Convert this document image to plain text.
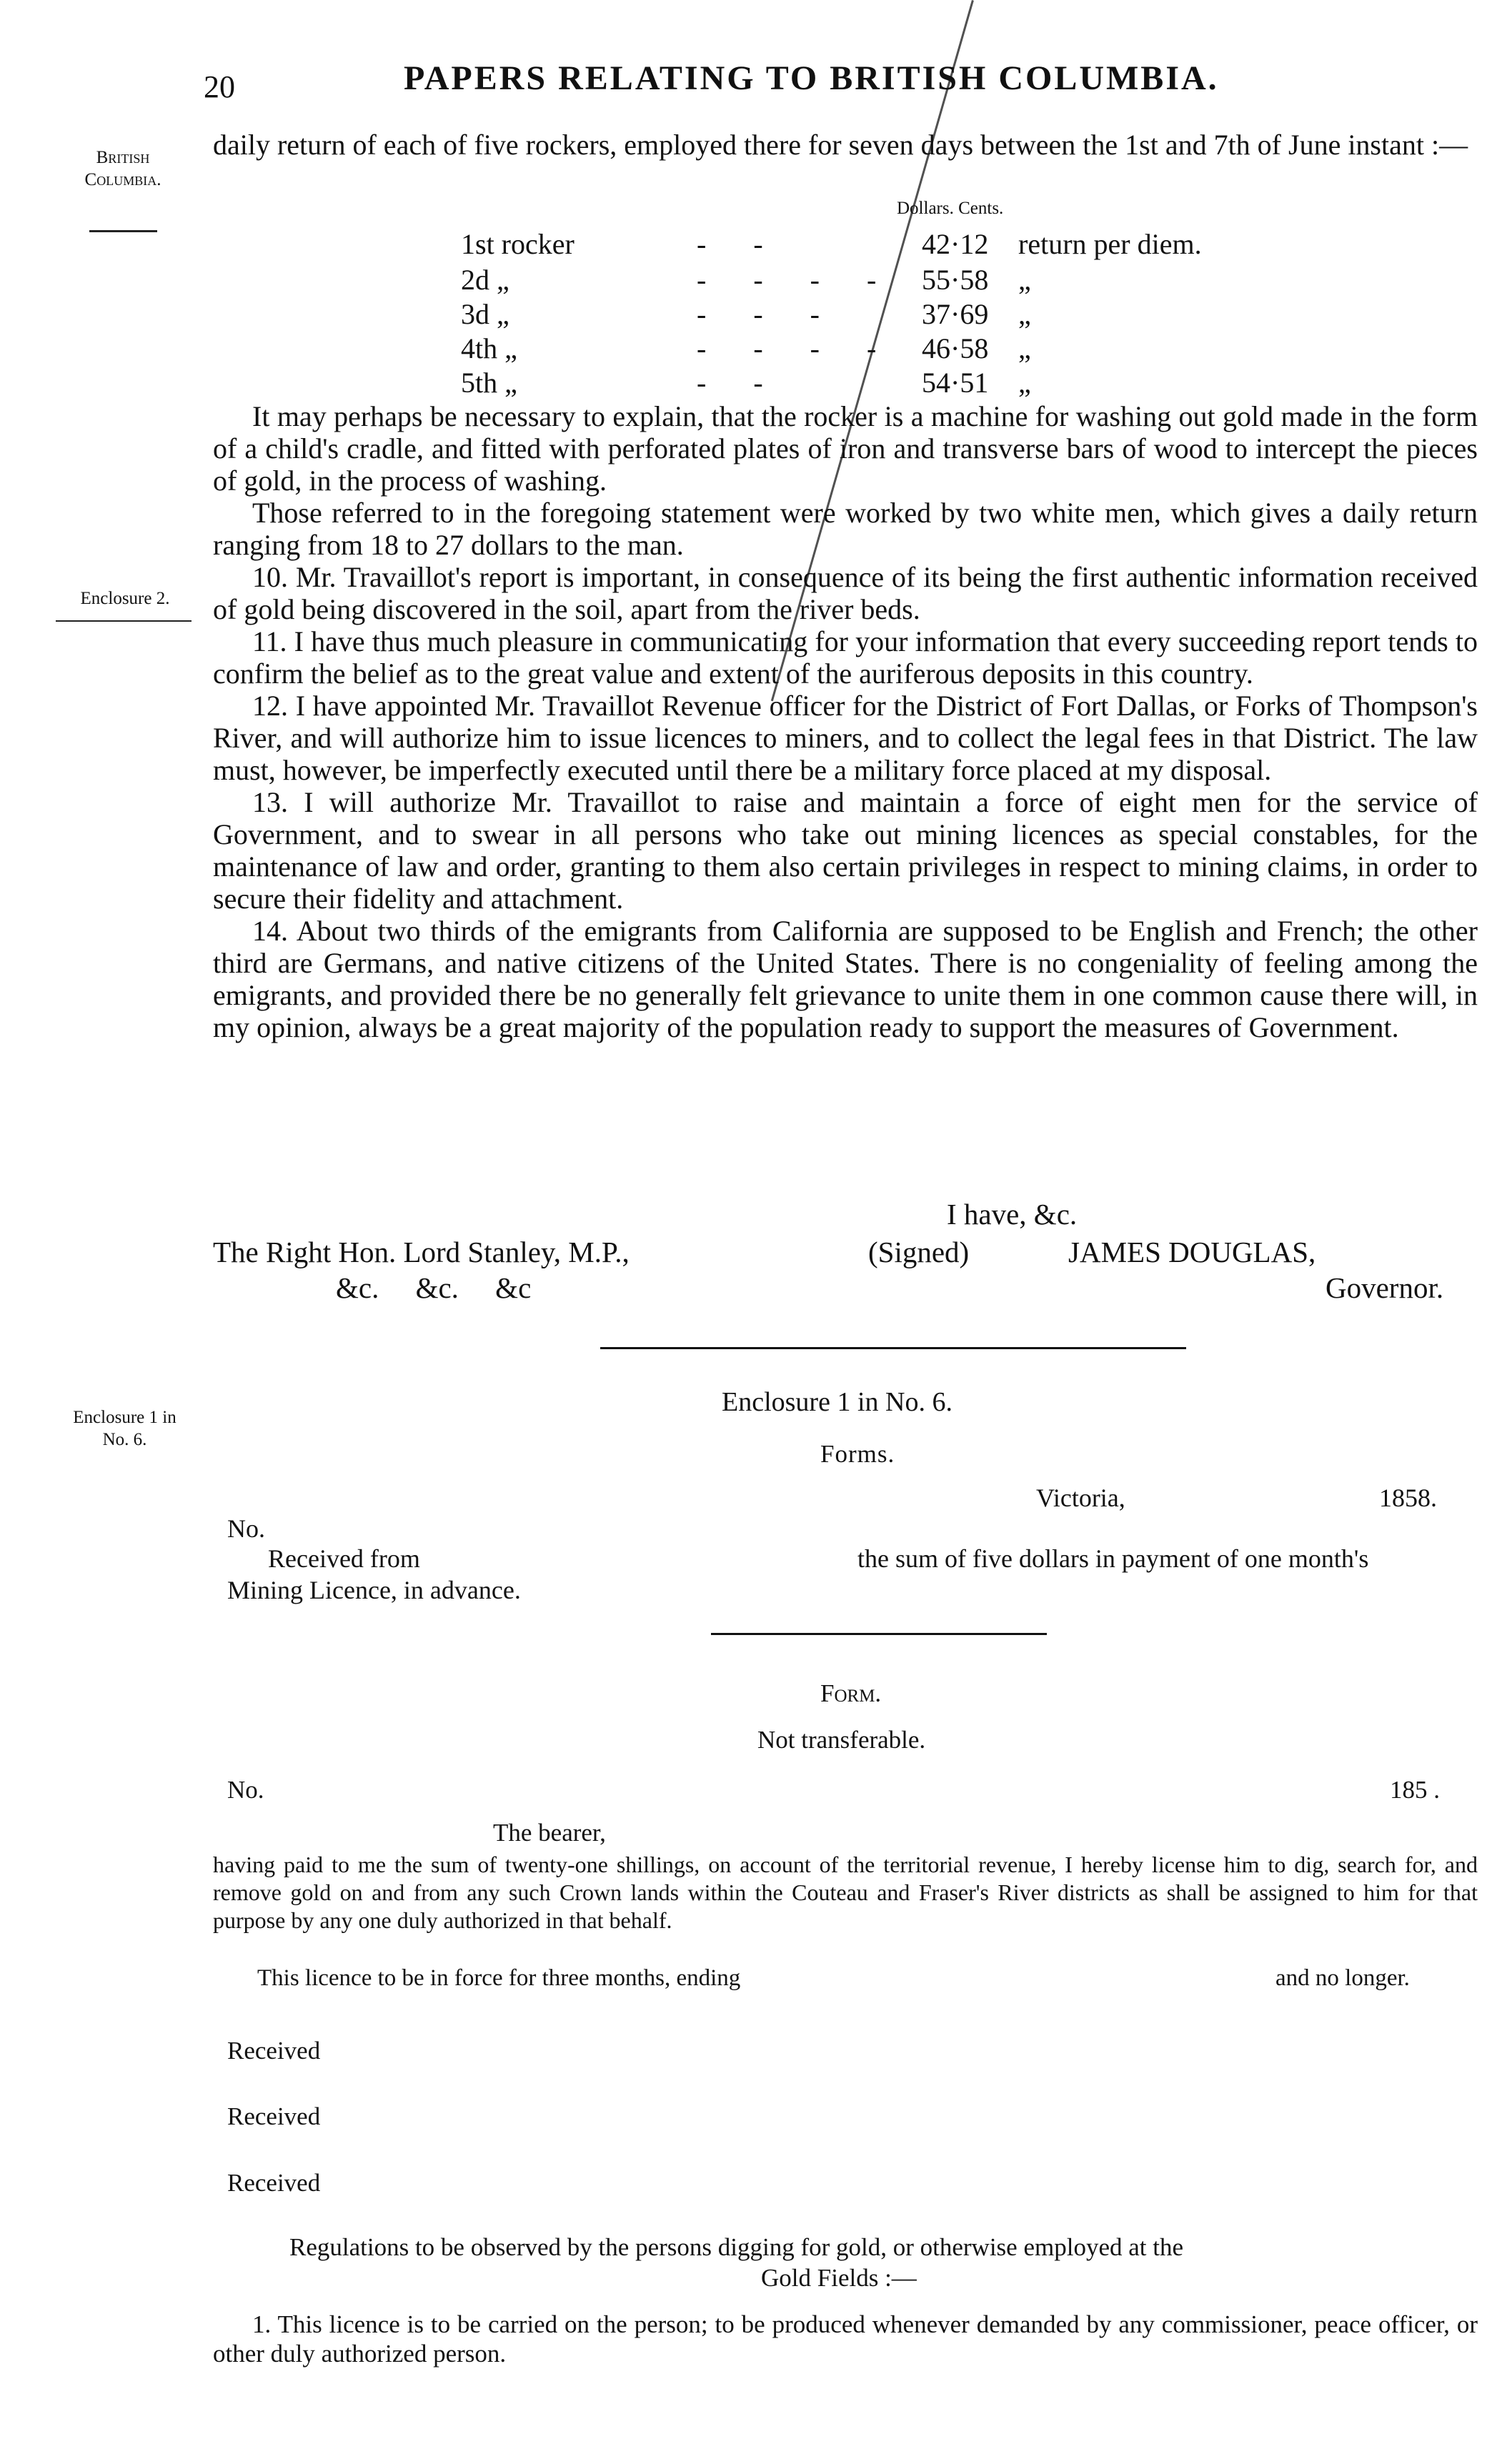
20	PAPERS RELATING TO BRITISH COLUMBIA.
British
Columbia.
Enclosure 2.
Enclosure 1 in
No. 6.
daily return of each of five rockers, employed there for seven days between the 1st and 7th of June instant :—
Dollars. Cents.
1st rocker	- -	42·12 return per diem.
2d „	- - - - 55·58 „
3d „	- - -	37·69 „
4th „	- - - - 46·58 „
5th „	- -	54·51 „

It may perhaps be necessary to explain, that the rocker is a machine for washing out gold made in the form of a child's cradle, and fitted with perforated plates of iron and transverse bars of wood to intercept the pieces of gold, in the process of washing.

Those referred to in the foregoing statement were worked by two white men, which gives a daily return ranging from 18 to 27 dollars to the man.

10. Mr. Travaillot's report is important, in consequence of its being the first authentic information received of gold being discovered in the soil, apart from the river beds.

11. I have thus much pleasure in communicating for your information that every succeeding report tends to confirm the belief as to the great value and extent of the auriferous deposits in this country.

12. I have appointed Mr. Travaillot Revenue officer for the District of Fort Dallas, or Forks of Thompson's River, and will authorize him to issue licences to miners, and to collect the legal fees in that District. The law must, however, be imperfectly executed until there be a military force placed at my disposal.

13. I will authorize Mr. Travaillot to raise and maintain a force of eight men for the service of Government, and to swear in all persons who take out mining licences as special constables, for the maintenance of law and order, granting to them also certain privileges in respect to mining claims, in order to secure their fidelity and attachment.

14. About two thirds of the emigrants from California are supposed to be English and French; the other third are Germans, and native citizens of the United States. There is no congeniality of feeling among the emigrants, and provided there be no generally felt grievance to unite them in one common cause there will, in my opinion, always be a great majority of the population ready to support the measures of Government.

I have, &c.
The Right Hon. Lord Stanley, M.P.,	(Signed)	JAMES DOUGLAS,
&c.     &c.     &c	Governor.
Enclosure 1 in No. 6.
Forms.
Victoria,	1858.
No.
Received from	the sum of five dollars in payment of one month's
Mining Licence, in advance.
Form.
Not transferable.
No.	185 .
The bearer,

having paid to me the sum of twenty-one shillings, on account of the territorial revenue, I hereby license him to dig, search for, and remove gold on and from any such Crown lands within the Couteau and Fraser's River districts as shall be assigned to him for that purpose by any one duly authorized in that behalf.

This licence to be in force for three months, ending	and no longer.
Received
Received
Received
Regulations to be observed by the persons digging for gold, or otherwise employed at the
Gold Fields :—

1. This licence is to be carried on the person; to be produced whenever demanded by any commissioner, peace officer, or other duly authorized person.
